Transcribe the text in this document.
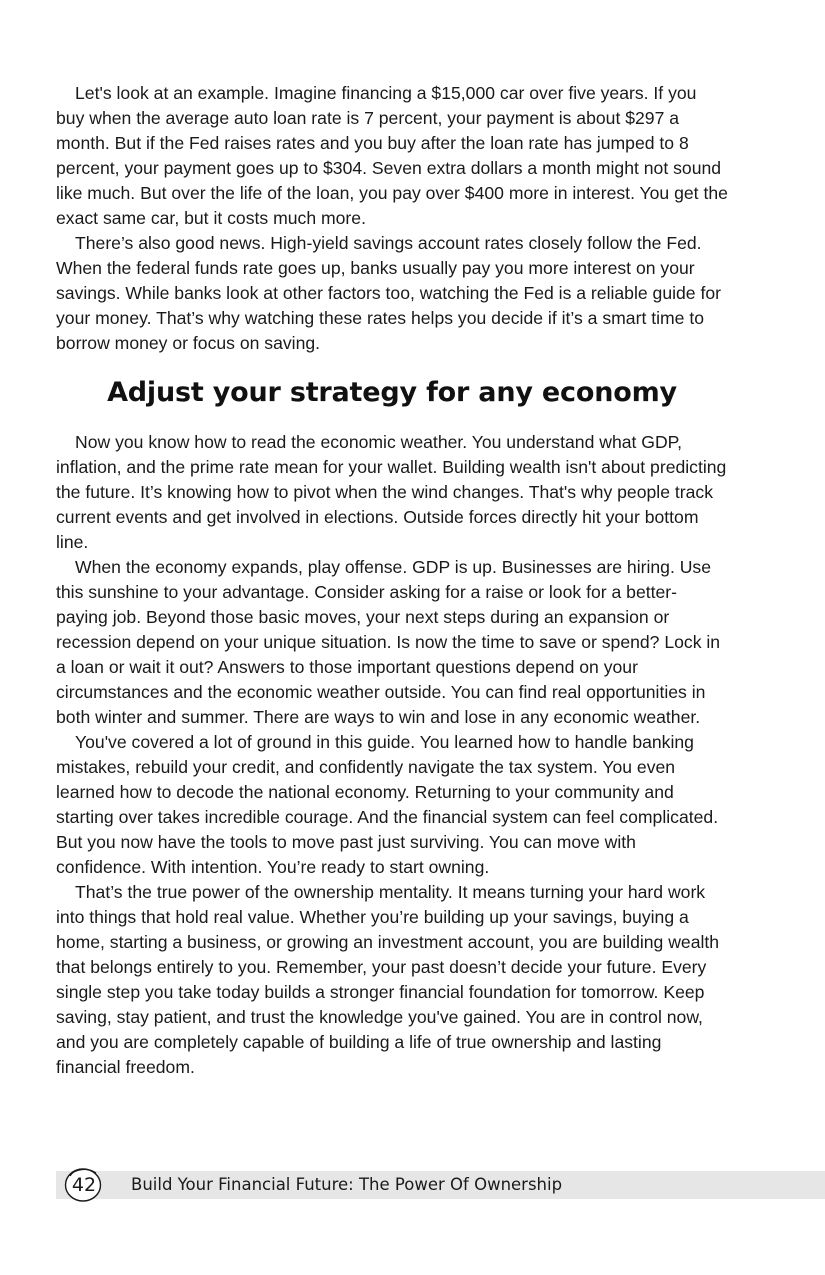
Let's look at an example. Imagine financing a $15,000 car over five years. If you buy when the average auto loan rate is 7 percent, your payment is about $297 a month. But if the Fed raises rates and you buy after the loan rate has jumped to 8 percent, your payment goes up to $304. Seven extra dollars a month might not sound like much. But over the life of the loan, you pay over $400 more in interest. You get the exact same car, but it costs much more.

There’s also good news. High-yield savings account rates closely follow the Fed. When the federal funds rate goes up, banks usually pay you more interest on your savings. While banks look at other factors too, watching the Fed is a reliable guide for your money. That’s why watching these rates helps you decide if it’s a smart time to borrow money or focus on saving.

Adjust your strategy for any economy

Now you know how to read the economic weather. You understand what GDP, inflation, and the prime rate mean for your wallet. Building wealth isn't about predicting the future. It’s knowing how to pivot when the wind changes. That's why people track current events and get involved in elections. Outside forces directly hit your bottom line.

When the economy expands, play offense. GDP is up. Businesses are hiring. Use this sunshine to your advantage. Consider asking for a raise or look for a better-paying job. Beyond those basic moves, your next steps during an expansion or recession depend on your unique situation. Is now the time to save or spend? Lock in a loan or wait it out? Answers to those important questions depend on your circumstances and the economic weather outside. You can find real opportunities in both winter and summer. There are ways to win and lose in any economic weather.

You've covered a lot of ground in this guide. You learned how to handle banking mistakes, rebuild your credit, and confidently navigate the tax system. You even learned how to decode the national economy. Returning to your community and starting over takes incredible courage. And the financial system can feel complicated. But you now have the tools to move past just surviving. You can move with confidence. With intention. You’re ready to start owning.

That’s the true power of the ownership mentality. It means turning your hard work into things that hold real value. Whether you’re building up your savings, buying a home, starting a business, or growing an investment account, you are building wealth that belongs entirely to you. Remember, your past doesn’t decide your future. Every single step you take today builds a stronger financial foundation for tomorrow. Keep saving, stay patient, and trust the knowledge you've gained. You are in control now, and you are completely capable of building a life of true ownership and lasting financial freedom.

42	Build Your Financial Future: The Power Of Ownership
